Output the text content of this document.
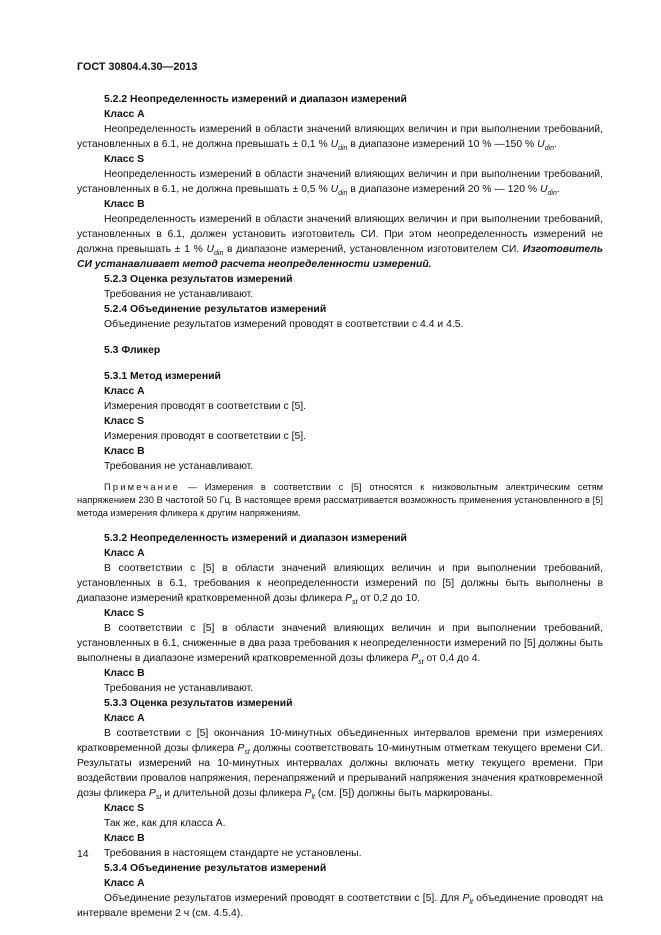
ГОСТ 30804.4.30—2013

5.2.2 Неопределенность измерений и диапазон измерений

Класс А

Неопределенность измерений в области значений влияющих величин и при выполнении требований, установленных в 6.1, не должна превышать ± 0,1 % $U_{din}$ в диапазоне измерений 10 % —150 % $U_{din}$.

Класс S

Неопределенность измерений в области значений влияющих величин и при выполнении требований, установленных в 6.1, не должна превышать ± 0,5 % $U_{din}$ в диапазоне измерений 20 % — 120 % $U_{din}$.

Класс В

Неопределенность измерений в области значений влияющих величин и при выполнении требований, установленных в 6.1, должен установить изготовитель СИ. При этом неопределенность измерений не должна превышать ± 1 % $U_{din}$ в диапазоне измерений, установленном изготовителем СИ. Изготовитель СИ устанавливает метод расчета неопределенности измерений.

5.2.3 Оценка результатов измерений

Требования не устанавливают.

5.2.4 Объединение результатов измерений

Объединение результатов измерений проводят в соответствии с 4.4 и 4.5.

5.3 Фликер

5.3.1 Метод измерений

Класс А

Измерения проводят в соответствии с [5].

Класс S

Измерения проводят в соответствии с [5].

Класс В

Требования не устанавливают.

Примечание — Измерения в соответствии с [5] относятся к низковольтным электрическим сетям напряжением 230 В частотой 50 Гц. В настоящее время рассматривается возможность применения установленного в [5] метода измерения фликера к другим напряжениям.

5.3.2 Неопределенность измерений и диапазон измерений

Класс А

В соответствии с [5] в области значений влияющих величин и при выполнении требований, установленных в 6.1, требования к неопределенности измерений по [5] должны быть выполнены в диапазоне измерений кратковременной дозы фликера $P_{st}$ от 0,2 до 10.

Класс S

В соответствии с [5] в области значений влияющих величин и при выполнении требований, установленных в 6.1, сниженные в два раза требования к неопределенности измерений по [5] должны быть выполнены в диапазоне измерений кратковременной дозы фликера $P_{st}$ от 0,4 до 4.

Класс В

Требования не устанавливают.

5.3.3 Оценка результатов измерений

Класс А

В соответствии с [5] окончания 10-минутных объединенных интервалов времени при измерениях кратковременной дозы фликера $P_{st}$ должны соответствовать 10-минутным отметкам текущего времени СИ. Результаты измерений на 10-минутных интервалах должны включать метку текущего времени. При воздействии провалов напряжения, перенапряжений и прерываний напряжения значения кратковременной дозы фликера $P_{st}$ и длительной дозы фликера $P_{lt}$ (см. [5]) должны быть маркированы.

Класс S

Так же, как для класса А.

Класс В

Требования в настоящем стандарте не установлены.

5.3.4 Объединение результатов измерений

Класс А

Объединение результатов измерений проводят в соответствии с [5]. Для $P_{lt}$ объединение проводят на интервале времени 2 ч (см. 4.5.4).

14
